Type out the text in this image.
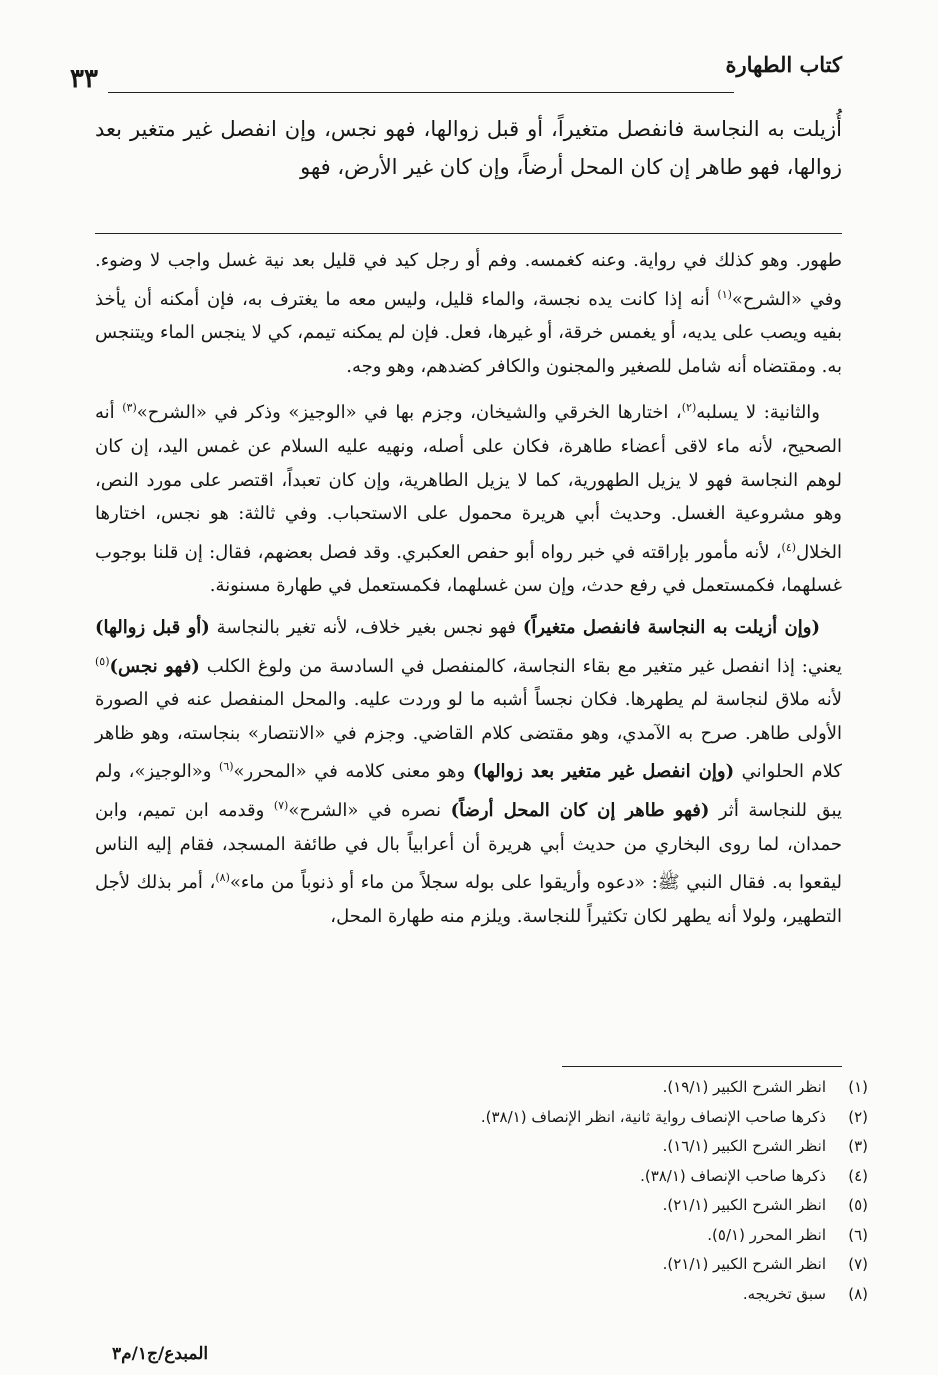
كتاب الطهارة
٣٣

أُزيلت به النجاسة فانفصل متغيراً، أو قبل زوالها، فهو نجس، وإن انفصل غير متغير بعد زوالها، فهو طاهر إن كان المحل أرضاً، وإن كان غير الأرض، فهو

طهور. وهو كذلك في رواية. وعنه كغمسه. وفم أو رجل كيد في قليل بعد نية غسل واجب لا وضوء. وفي «الشرح»$^{(١)}$ أنه إذا كانت يده نجسة، والماء قليل، وليس معه ما يغترف به، فإن أمكنه أن يأخذ بفيه ويصب على يديه، أو يغمس خرقة، أو غيرها، فعل. فإن لم يمكنه تيمم، كي لا ينجس الماء ويتنجس به. ومقتضاه أنه شامل للصغير والمجنون والكافر كضدهم، وهو وجه.

والثانية: لا يسلبه$^{(٢)}$، اختارها الخرقي والشيخان، وجزم بها في «الوجيز» وذكر في «الشرح»$^{(٣)}$ أنه الصحيح، لأنه ماء لاقى أعضاء طاهرة، فكان على أصله، ونهيه عليه السلام عن غمس اليد، إن كان لوهم النجاسة فهو لا يزيل الطهورية، كما لا يزيل الطاهرية، وإن كان تعبداً، اقتصر على مورد النص، وهو مشروعية الغسل. وحديث أبي هريرة محمول على الاستحباب. وفي ثالثة: هو نجس، اختارها الخلال$^{(٤)}$، لأنه مأمور بإراقته في خبر رواه أبو حفص العكبري. وقد فصل بعضهم، فقال: إن قلنا بوجوب غسلهما، فكمستعمل في رفع حدث، وإن سن غسلهما، فكمستعمل في طهارة مسنونة.

(وإن أزيلت به النجاسة فانفصل متغيراً) فهو نجس بغير خلاف، لأنه تغير بالنجاسة (أو قبل زوالها) يعني: إذا انفصل غير متغير مع بقاء النجاسة، كالمنفصل في السادسة من ولوغ الكلب (فهو نجس)$^{(٥)}$ لأنه ملاق لنجاسة لم يطهرها. فكان نجساً أشبه ما لو وردت عليه. والمحل المنفصل عنه في الصورة الأولى طاهر. صرح به الآمدي، وهو مقتضى كلام القاضي. وجزم في «الانتصار» بنجاسته، وهو ظاهر كلام الحلواني (وإن انفصل غير متغير بعد زوالها) وهو معنى كلامه في «المحرر»$^{(٦)}$ و«الوجيز»، ولم يبق للنجاسة أثر (فهو طاهر إن كان المحل أرضاً) نصره في «الشرح»$^{(٧)}$ وقدمه ابن تميم، وابن حمدان، لما روى البخاري من حديث أبي هريرة أن أعرابياً بال في طائفة المسجد، فقام إليه الناس ليقعوا به. فقال النبي ﷺ: «دعوه وأريقوا على بوله سجلاً من ماء أو ذنوباً من ماء»$^{(٨)}$، أمر بذلك لأجل التطهير، ولولا أنه يطهر لكان تكثيراً للنجاسة. ويلزم منه طهارة المحل،

(١)
انظر الشرح الكبير (١٩/١).
(٢)
ذكرها صاحب الإنصاف رواية ثانية، انظر الإنصاف (٣٨/١).
(٣)
انظر الشرح الكبير (١٦/١).
(٤)
ذكرها صاحب الإنصاف (٣٨/١).
(٥)
انظر الشرح الكبير (٢١/١).
(٦)
انظر المحرر (٥/١).
(٧)
انظر الشرح الكبير (٢١/١).
(٨)
سبق تخريجه.
المبدع/ج١/م٣
